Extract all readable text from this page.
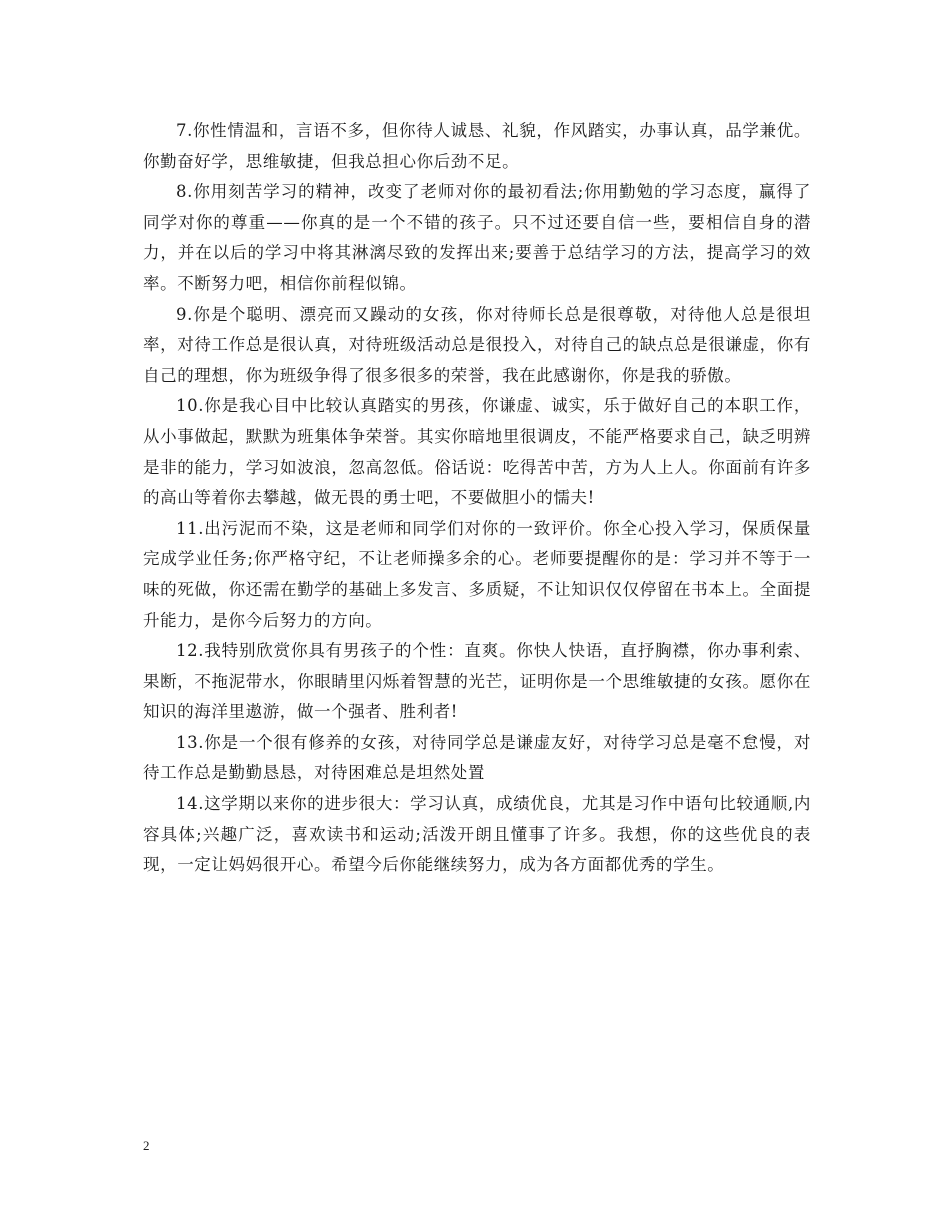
7.你性情温和，言语不多，但你待人诚恳、礼貌，作风踏实，办事认真，品学兼优。你勤奋好学，思维敏捷，但我总担心你后劲不足。

8.你用刻苦学习的精神，改变了老师对你的最初看法;你用勤勉的学习态度，赢得了同学对你的尊重——你真的是一个不错的孩子。只不过还要自信一些，要相信自身的潜力，并在以后的学习中将其淋漓尽致的发挥出来;要善于总结学习的方法，提高学习的效率。不断努力吧，相信你前程似锦。

9.你是个聪明、漂亮而又躁动的女孩，你对待师长总是很尊敬，对待他人总是很坦率，对待工作总是很认真，对待班级活动总是很投入，对待自己的缺点总是很谦虚，你有自己的理想，你为班级争得了很多很多的荣誉，我在此感谢你，你是我的骄傲。

10.你是我心目中比较认真踏实的男孩，你谦虚、诚实，乐于做好自己的本职工作，从小事做起，默默为班集体争荣誉。其实你暗地里很调皮，不能严格要求自己，缺乏明辨是非的能力，学习如波浪，忽高忽低。俗话说：吃得苦中苦，方为人上人。你面前有许多的高山等着你去攀越，做无畏的勇士吧，不要做胆小的懦夫!

11.出污泥而不染，这是老师和同学们对你的一致评价。你全心投入学习，保质保量完成学业任务;你严格守纪，不让老师操多余的心。老师要提醒你的是：学习并不等于一味的死做，你还需在勤学的基础上多发言、多质疑，不让知识仅仅停留在书本上。全面提升能力，是你今后努力的方向。

12.我特别欣赏你具有男孩子的个性：直爽。你快人快语，直抒胸襟，你办事利索、果断，不拖泥带水，你眼睛里闪烁着智慧的光芒，证明你是一个思维敏捷的女孩。愿你在知识的海洋里遨游，做一个强者、胜利者!

13.你是一个很有修养的女孩，对待同学总是谦虚友好，对待学习总是毫不怠慢，对待工作总是勤勤恳恳，对待困难总是坦然处置

14.这学期以来你的进步很大：学习认真，成绩优良，尤其是习作中语句比较通顺,内容具体;兴趣广泛，喜欢读书和运动;活泼开朗且懂事了许多。我想，你的这些优良的表现，一定让妈妈很开心。希望今后你能继续努力，成为各方面都优秀的学生。

2
